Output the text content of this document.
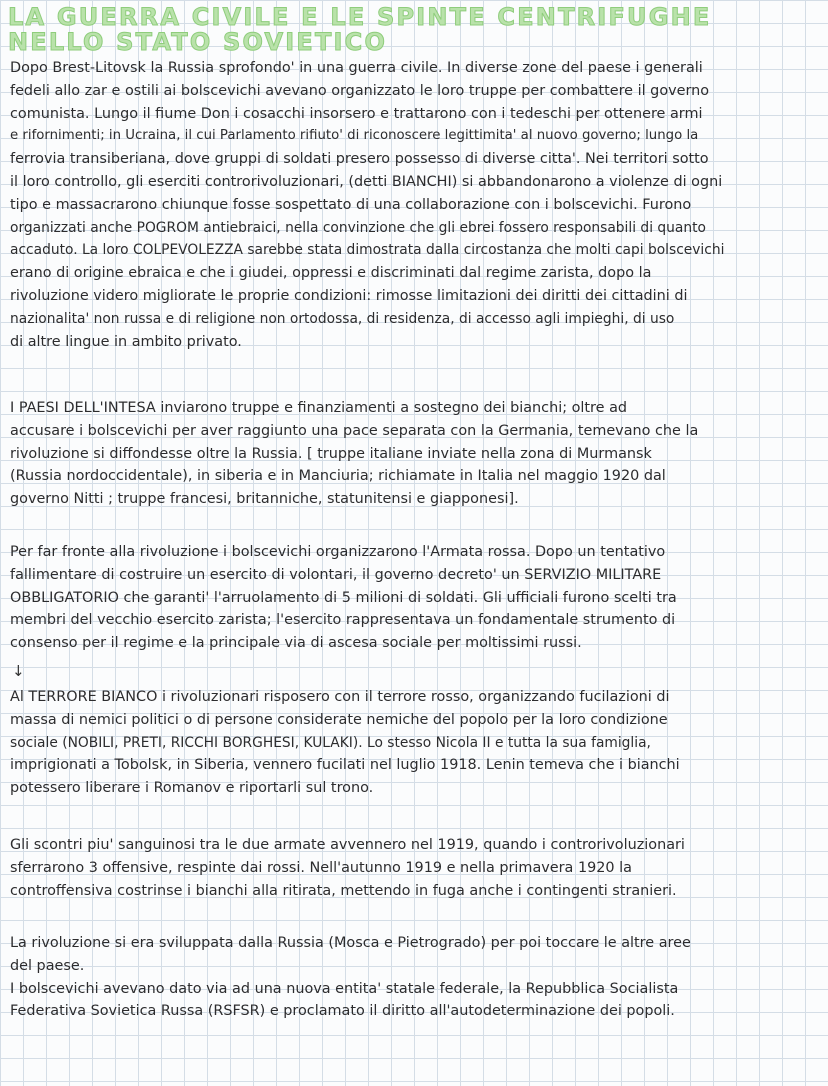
LA GUERRA CIVILE E LE SPINTE CENTRIFUGHE
NELLO STATO SOVIETICO
Dopo Brest-Litovsk la Russia sprofondo' in una guerra civile. In diverse zone del paese i generali
fedeli allo zar e ostili ai bolscevichi avevano organizzato le loro truppe per combattere il governo
comunista. Lungo il fiume Don i cosacchi insorsero e trattarono con i tedeschi per ottenere armi
e rifornimenti; in Ucraina, il cui Parlamento rifiuto' di riconoscere legittimita' al nuovo governo; lungo la
ferrovia transiberiana, dove gruppi di soldati presero possesso di diverse citta'. Nei territori sotto
il loro controllo, gli eserciti controrivoluzionari, (detti BIANCHI) si abbandonarono a violenze di ogni
tipo e massacrarono chiunque fosse sospettato di una collaborazione con i bolscevichi. Furono
organizzati anche POGROM antiebraici, nella convinzione che gli ebrei fossero responsabili di quanto
accaduto. La loro COLPEVOLEZZA sarebbe stata dimostrata dalla circostanza che molti capi bolscevichi
erano di origine ebraica e che i giudei, oppressi e discriminati dal regime zarista, dopo la
rivoluzione videro migliorate le proprie condizioni: rimosse limitazioni dei diritti dei cittadini di
nazionalita' non russa e di religione non ortodossa, di residenza, di accesso agli impieghi, di uso
di altre lingue in ambito privato.
I PAESI DELL'INTESA inviarono truppe e finanziamenti a sostegno dei bianchi; oltre ad
accusare i bolscevichi per aver raggiunto una pace separata con la Germania, temevano che la
rivoluzione si diffondesse oltre la Russia. [ truppe italiane inviate nella zona di Murmansk
(Russia nordoccidentale), in siberia e in Manciuria; richiamate in Italia nel maggio 1920 dal
governo Nitti ; truppe francesi, britanniche, statunitensi e giapponesi].
Per far fronte alla rivoluzione i bolscevichi organizzarono l'Armata rossa. Dopo un tentativo
fallimentare di costruire un esercito di volontari, il governo decreto' un SERVIZIO MILITARE
OBBLIGATORIO che garanti' l'arruolamento di 5 milioni di soldati. Gli ufficiali furono scelti tra
membri del vecchio esercito zarista; l'esercito rappresentava un fondamentale strumento di
consenso per il regime e la principale via di ascesa sociale per moltissimi russi.
↓
Al TERRORE BIANCO i rivoluzionari risposero con il terrore rosso, organizzando fucilazioni di
massa di nemici politici o di persone considerate nemiche del popolo per la loro condizione
sociale (NOBILI, PRETI, RICCHI BORGHESI, KULAKI). Lo stesso Nicola II e tutta la sua famiglia,
imprigionati a Tobolsk, in Siberia, vennero fucilati nel luglio 1918. Lenin temeva che i bianchi
potessero liberare i Romanov e riportarli sul trono.
Gli scontri piu' sanguinosi tra le due armate avvennero nel 1919, quando i controrivoluzionari
sferrarono 3 offensive, respinte dai rossi. Nell'autunno 1919 e nella primavera 1920 la
controffensiva costrinse i bianchi alla ritirata, mettendo in fuga anche i contingenti stranieri.
La rivoluzione si era sviluppata dalla Russia (Mosca e Pietrogrado) per poi toccare le altre aree
del paese.
I bolscevichi avevano dato via ad una nuova entita' statale federale, la Repubblica Socialista
Federativa Sovietica Russa (RSFSR) e proclamato il diritto all'autodeterminazione dei popoli.
